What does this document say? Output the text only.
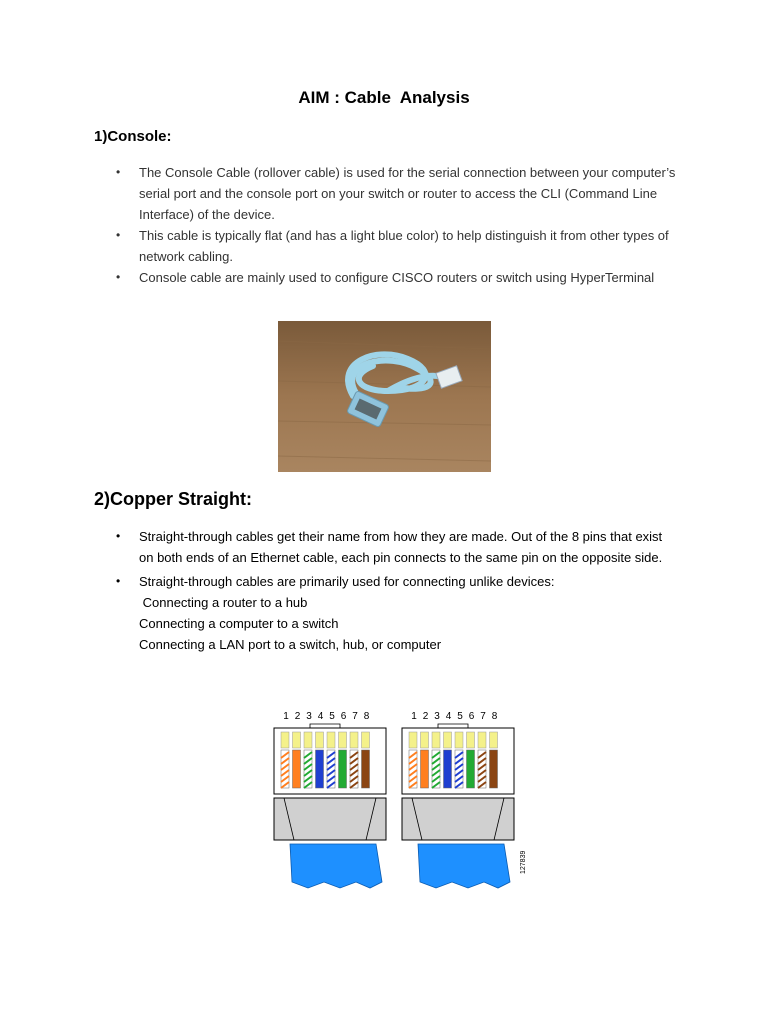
AIM : Cable  Analysis
1)Console:
• The Console Cable (rollover cable) is used for the serial connection between your computer’s serial port and the console port on your switch or router to access the CLI (Command Line Interface) of the device.
• This cable is typically flat (and has a light blue color) to help distinguish it from other types of network cabling.
• Console cable are mainly used to configure CISCO routers or switch using HyperTerminal
2)Copper Straight:
• Straight-through cables get their name from how they are made. Out of the 8 pins that exist on both ends of an Ethernet cable, each pin connects to the same pin on the opposite side.
• Straight-through cables are primarily used for connecting unlike devices:
Connecting a router to a hub
Connecting a computer to a switch
Connecting a LAN port to a switch, hub, or computer
1 2 3 4 5 6 7 8	1 2 3 4 5 6 7 8
127839
